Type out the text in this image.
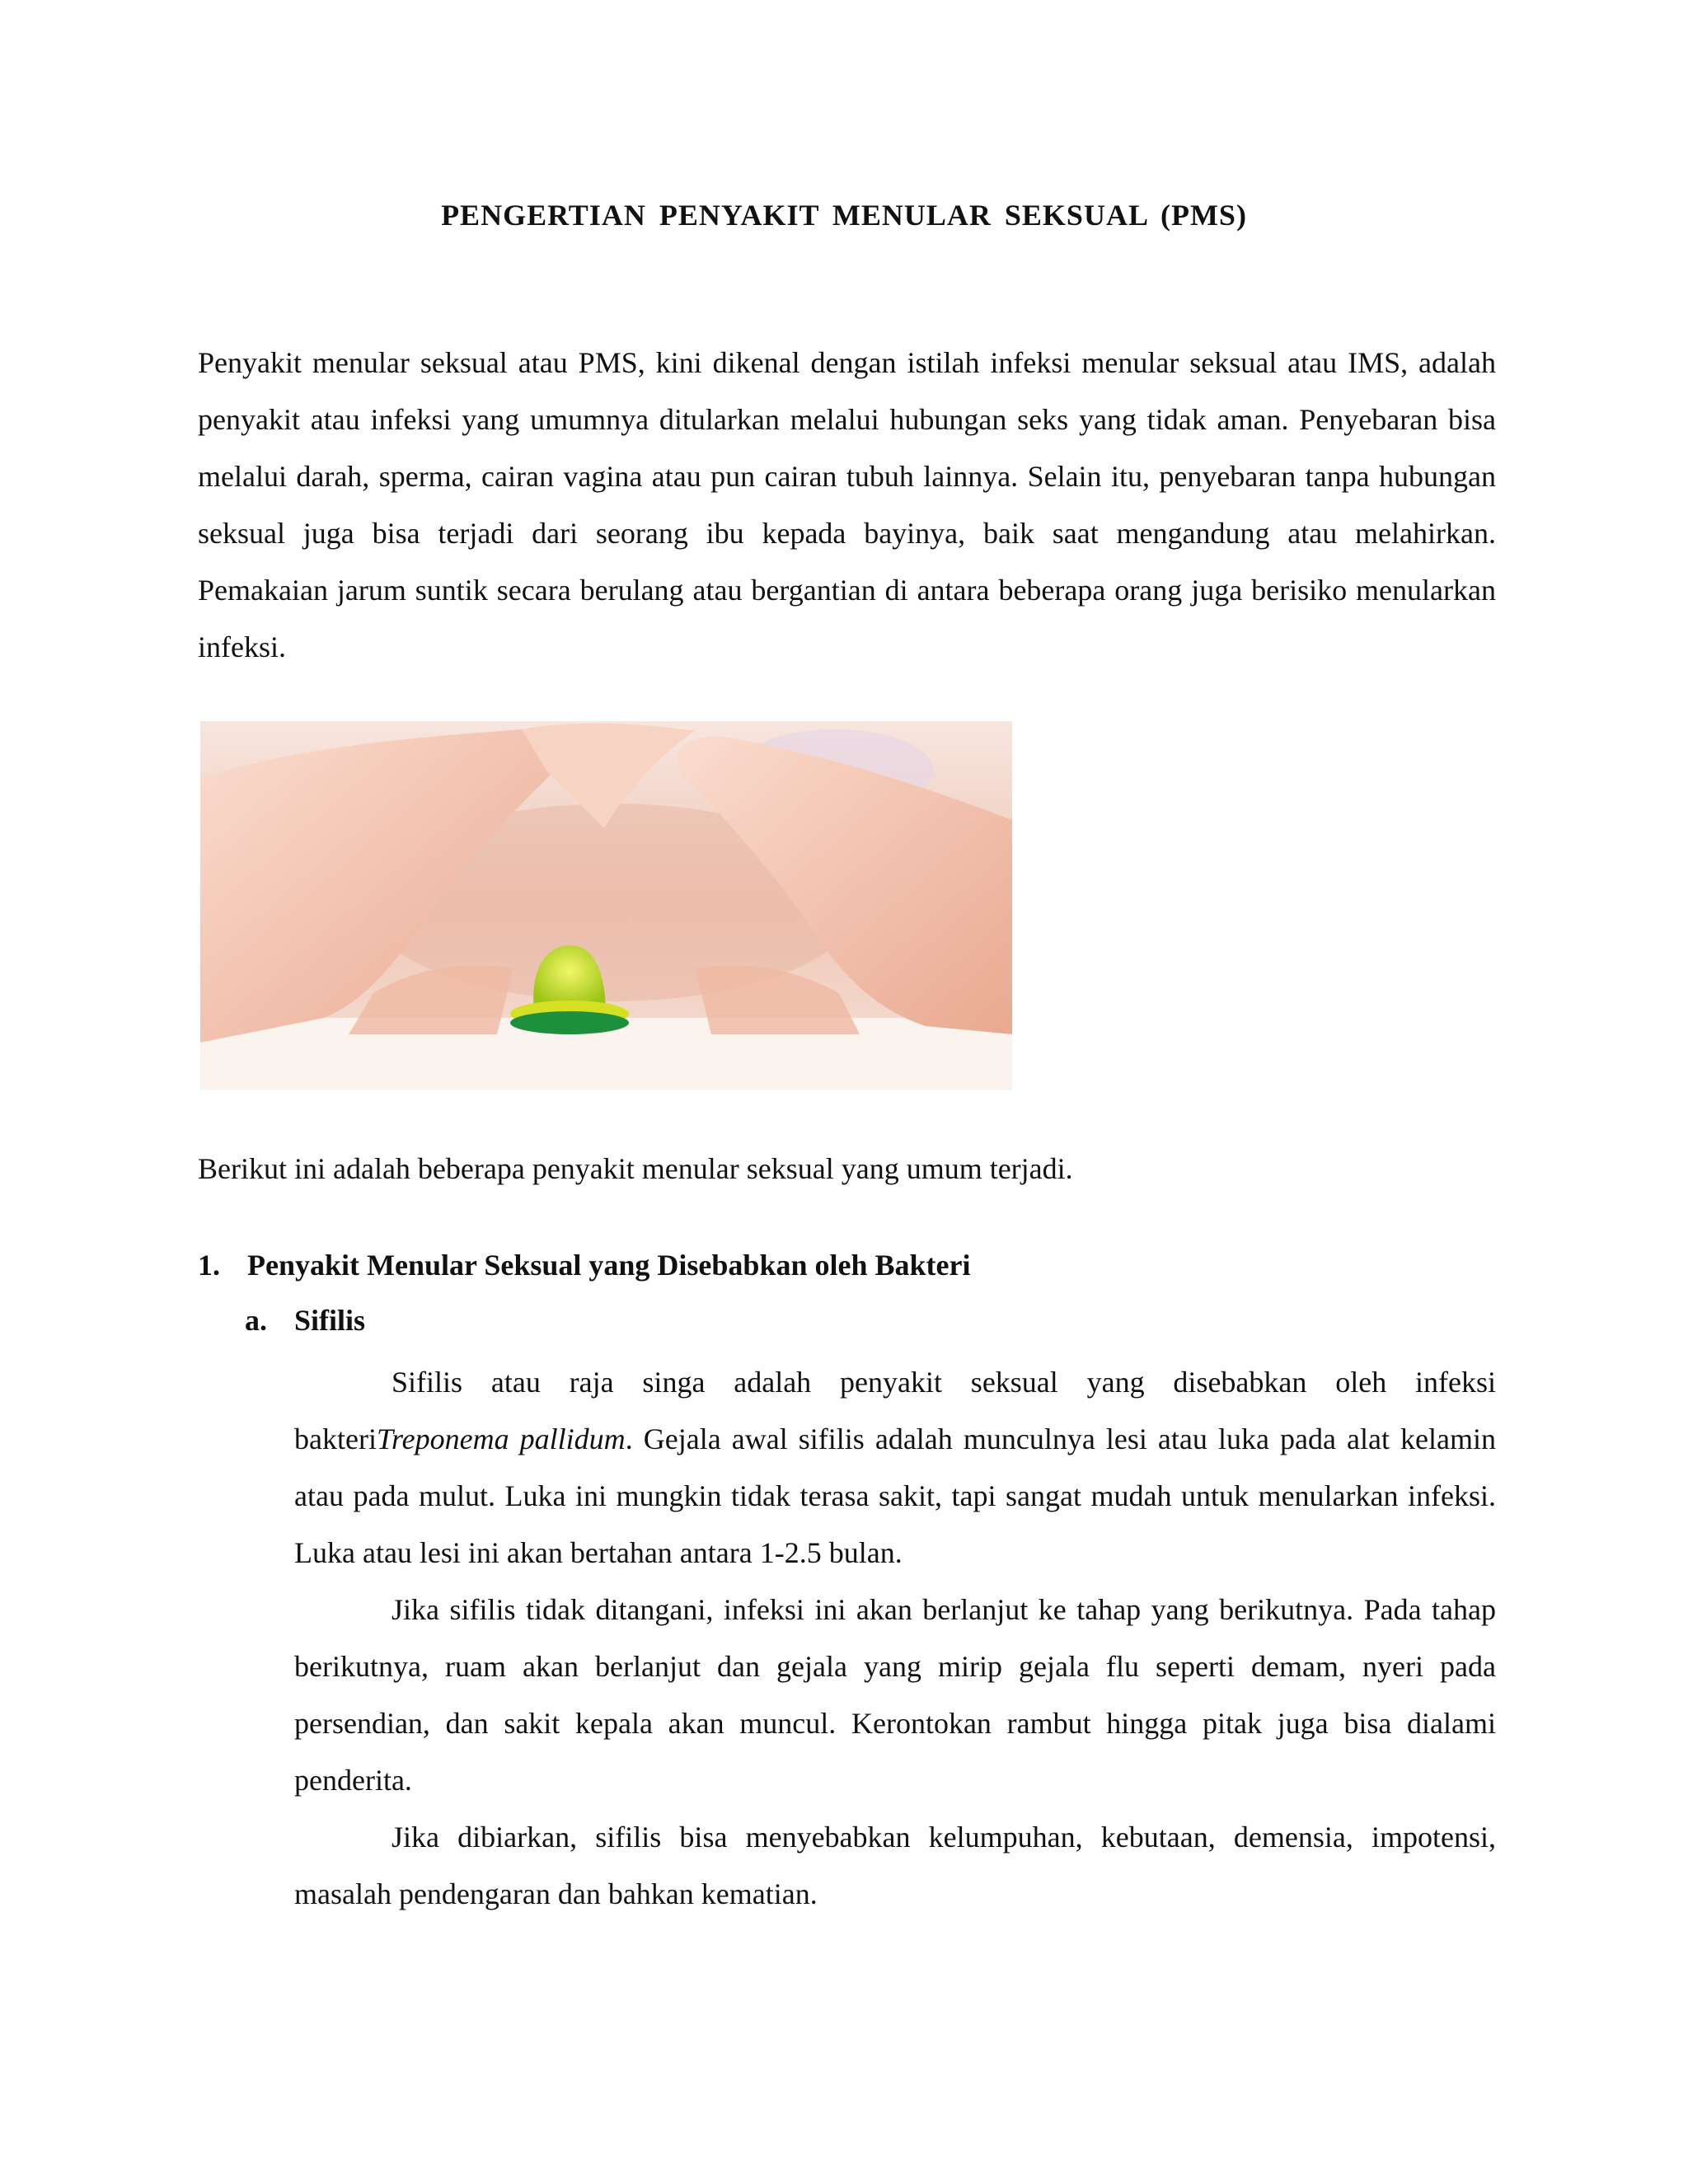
PENGERTIAN PENYAKIT MENULAR SEKSUAL (PMS)
Penyakit menular seksual atau PMS, kini dikenal dengan istilah infeksi menular seksual atau IMS, adalah penyakit atau infeksi yang umumnya ditularkan melalui hubungan seks yang tidak aman. Penyebaran bisa melalui darah, sperma, cairan vagina atau pun cairan tubuh lainnya. Selain itu, penyebaran tanpa hubungan seksual juga bisa terjadi dari seorang ibu kepada bayinya, baik saat mengandung atau melahirkan. Pemakaian jarum suntik secara berulang atau bergantian di antara beberapa orang juga berisiko menularkan infeksi.
Berikut ini adalah beberapa penyakit menular seksual yang umum terjadi.
1. Penyakit Menular Seksual yang Disebabkan oleh Bakteri
a. Sifilis
Sifilis atau raja singa adalah penyakit seksual yang disebabkan oleh infeksi bakteriTreponema pallidum. Gejala awal sifilis adalah munculnya lesi atau luka pada alat kelamin atau pada mulut. Luka ini mungkin tidak terasa sakit, tapi sangat mudah untuk menularkan infeksi. Luka atau lesi ini akan bertahan antara 1-2.5 bulan.
Jika sifilis tidak ditangani, infeksi ini akan berlanjut ke tahap yang berikutnya. Pada tahap berikutnya, ruam akan berlanjut dan gejala yang mirip gejala flu seperti demam, nyeri pada persendian, dan sakit kepala akan muncul. Kerontokan rambut hingga pitak juga bisa dialami penderita.
Jika dibiarkan, sifilis bisa menyebabkan kelumpuhan, kebutaan, demensia, impotensi, masalah pendengaran dan bahkan kematian.
